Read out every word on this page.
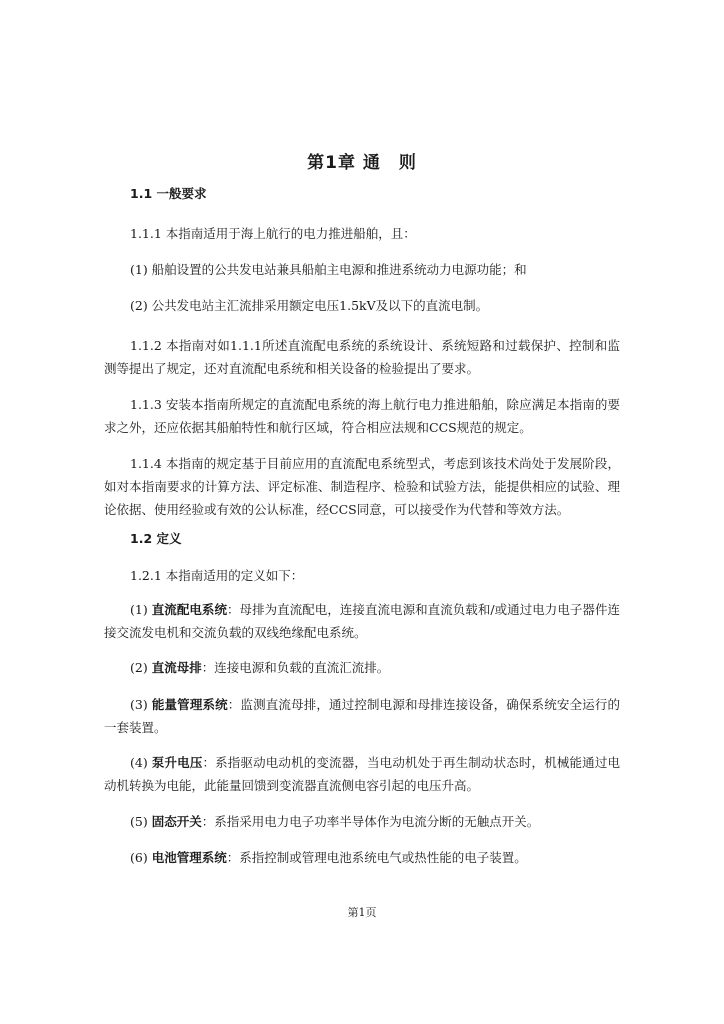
第1章 通　则
1.1 一般要求
1.1.1 本指南适用于海上航行的电力推进船舶，且：
(1) 船舶设置的公共发电站兼具船舶主电源和推进系统动力电源功能；和
(2) 公共发电站主汇流排采用额定电压1.5kV及以下的直流电制。
1.1.2 本指南对如1.1.1所述直流配电系统的系统设计、系统短路和过载保护、控制和监测等提出了规定，还对直流配电系统和相关设备的检验提出了要求。
1.1.3 安装本指南所规定的直流配电系统的海上航行电力推进船舶，除应满足本指南的要求之外，还应依据其船舶特性和航行区域，符合相应法规和CCS规范的规定。
1.1.4 本指南的规定基于目前应用的直流配电系统型式，考虑到该技术尚处于发展阶段，如对本指南要求的计算方法、评定标准、制造程序、检验和试验方法，能提供相应的试验、理论依据、使用经验或有效的公认标准，经CCS同意，可以接受作为代替和等效方法。
1.2 定义
1.2.1 本指南适用的定义如下：
(1) 直流配电系统：母排为直流配电，连接直流电源和直流负载和/或通过电力电子器件连接交流发电机和交流负载的双线绝缘配电系统。
(2) 直流母排：连接电源和负载的直流汇流排。
(3) 能量管理系统：监测直流母排，通过控制电源和母排连接设备，确保系统安全运行的一套装置。
(4) 泵升电压：系指驱动电动机的变流器，当电动机处于再生制动状态时，机械能通过电动机转换为电能，此能量回馈到变流器直流侧电容引起的电压升高。
(5) 固态开关：系指采用电力电子功率半导体作为电流分断的无触点开关。
(6) 电池管理系统：系指控制或管理电池系统电气或热性能的电子装置。
第1页
